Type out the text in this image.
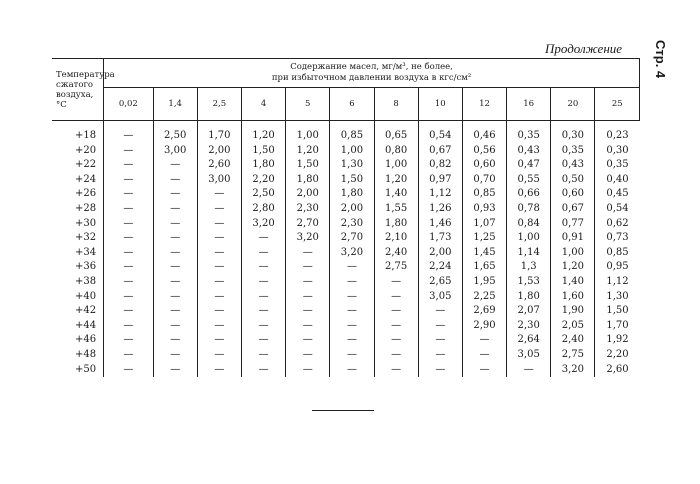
Продолжение Стр. 4
Температура сжатого воздуха, °С	Содержание масел, мг/м³, не более,
при избыточном давлении воздуха в кгс/см²											
	0,02	1,4	2,5	4	5	6	8	10	12	16	20	25
+18	—	2,50	1,70	1,20	1,00	0,85	0,65	0,54	0,46	0,35	0,30	0,23
+20	—	3,00	2,00	1,50	1,20	1,00	0,80	0,67	0,56	0,43	0,35	0,30
+22	—	—	2,60	1,80	1,50	1,30	1,00	0,82	0,60	0,47	0,43	0,35
+24	—	—	3,00	2,20	1,80	1,50	1,20	0,97	0,70	0,55	0,50	0,40
+26	—	—	—	2,50	2,00	1,80	1,40	1,12	0,85	0,66	0,60	0,45
+28	—	—	—	2,80	2,30	2,00	1,55	1,26	0,93	0,78	0,67	0,54
+30	—	—	—	3,20	2,70	2,30	1,80	1,46	1,07	0,84	0,77	0,62
+32	—	—	—	—	3,20	2,70	2,10	1,73	1,25	1,00	0,91	0,73
+34	—	—	—	—	—	3,20	2,40	2,00	1,45	1,14	1,00	0,85
+36	—	—	—	—	—	—	2,75	2,24	1,65	1,3	1,20	0,95
+38	—	—	—	—	—	—	—	2,65	1,95	1,53	1,40	1,12
+40	—	—	—	—	—	—	—	3,05	2,25	1,80	1,60	1,30
+42	—	—	—	—	—	—	—	—	2,69	2,07	1,90	1,50
+44	—	—	—	—	—	—	—	—	2,90	2,30	2,05	1,70
+46	—	—	—	—	—	—	—	—	—	2,64	2,40	1,92
+48	—	—	—	—	—	—	—	—	—	3,05	2,75	2,20
+50	—	—	—	—	—	—	—	—	—	—	3,20	2,60
